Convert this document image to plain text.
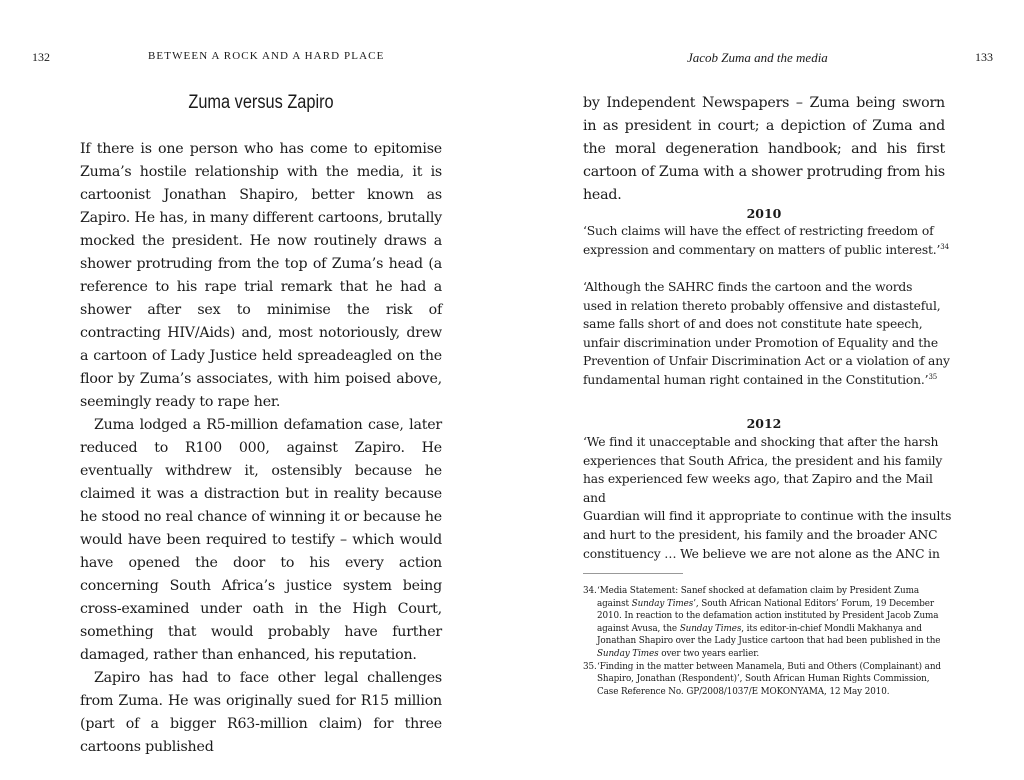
132	BETWEEN A ROCK AND A HARD PLACE
Zuma versus Zapiro

If there is one person who has come to epitomise Zuma’s hostile relationship with the media, it is cartoonist Jonathan Shapiro, better known as Zapiro. He has, in many different cartoons, brutally mocked the president. He now routinely draws a shower protruding from the top of Zuma’s head (a reference to his rape trial remark that he had a shower after sex to minimise the risk of contracting HIV/Aids) and, most notoriously, drew a cartoon of Lady Justice held spreadeagled on the floor by Zuma’s associates, with him poised above, seemingly ready to rape her.

Zuma lodged a R5-million defamation case, later reduced to R100 000, against Zapiro. He eventually withdrew it, ostensibly because he claimed it was a distraction but in reality because he stood no real chance of winning it or because he would have been required to testify – which would have opened the door to his every action concerning South Africa’s justice system being cross-examined under oath in the High Court, something that would probably have further damaged, rather than enhanced, his reputation.

Zapiro has had to face other legal challenges from Zuma. He was originally sued for R15 million (part of a bigger R63-million claim) for three cartoons published

Jacob Zuma and the media	133

by Independent Newspapers – Zuma being sworn in as president in court; a depiction of Zuma and the moral degeneration handbook; and his first cartoon of Zuma with a shower protruding from his head.

2010
‘Such claims will have the effect of restricting freedom of
expression and commentary on matters of public interest.’$^{34}$
‘Although the SAHRC finds the cartoon and the words
used in relation thereto probably offensive and distasteful,
same falls short of and does not constitute hate speech,
unfair discrimination under Promotion of Equality and the
Prevention of Unfair Discrimination Act or a violation of any
fundamental human right contained in the Constitution.’$^{35}$
2012
‘We find it unacceptable and shocking that after the harsh
experiences that South Africa, the president and his family
has experienced few weeks ago, that Zapiro and the Mail and
Guardian will find it appropriate to continue with the insults
and hurt to the president, his family and the broader ANC
constituency … We believe we are not alone as the ANC in
34. ‘Media Statement: Sanef shocked at defamation claim by President Zuma against Sunday Times’, South African National Editors’ Forum, 19 December 2010. In reaction to the defamation action instituted by President Jacob Zuma against Avusa, the Sunday Times, its editor-in-chief Mondli Makhanya and Jonathan Shapiro over the Lady Justice cartoon that had been published in the Sunday Times over two years earlier.
35. ‘Finding in the matter between Manamela, Buti and Others (Complainant) and Shapiro, Jonathan (Respondent)’, South African Human Rights Commission, Case Reference No. GP/2008/1037/E MOKONYAMA, 12 May 2010.
